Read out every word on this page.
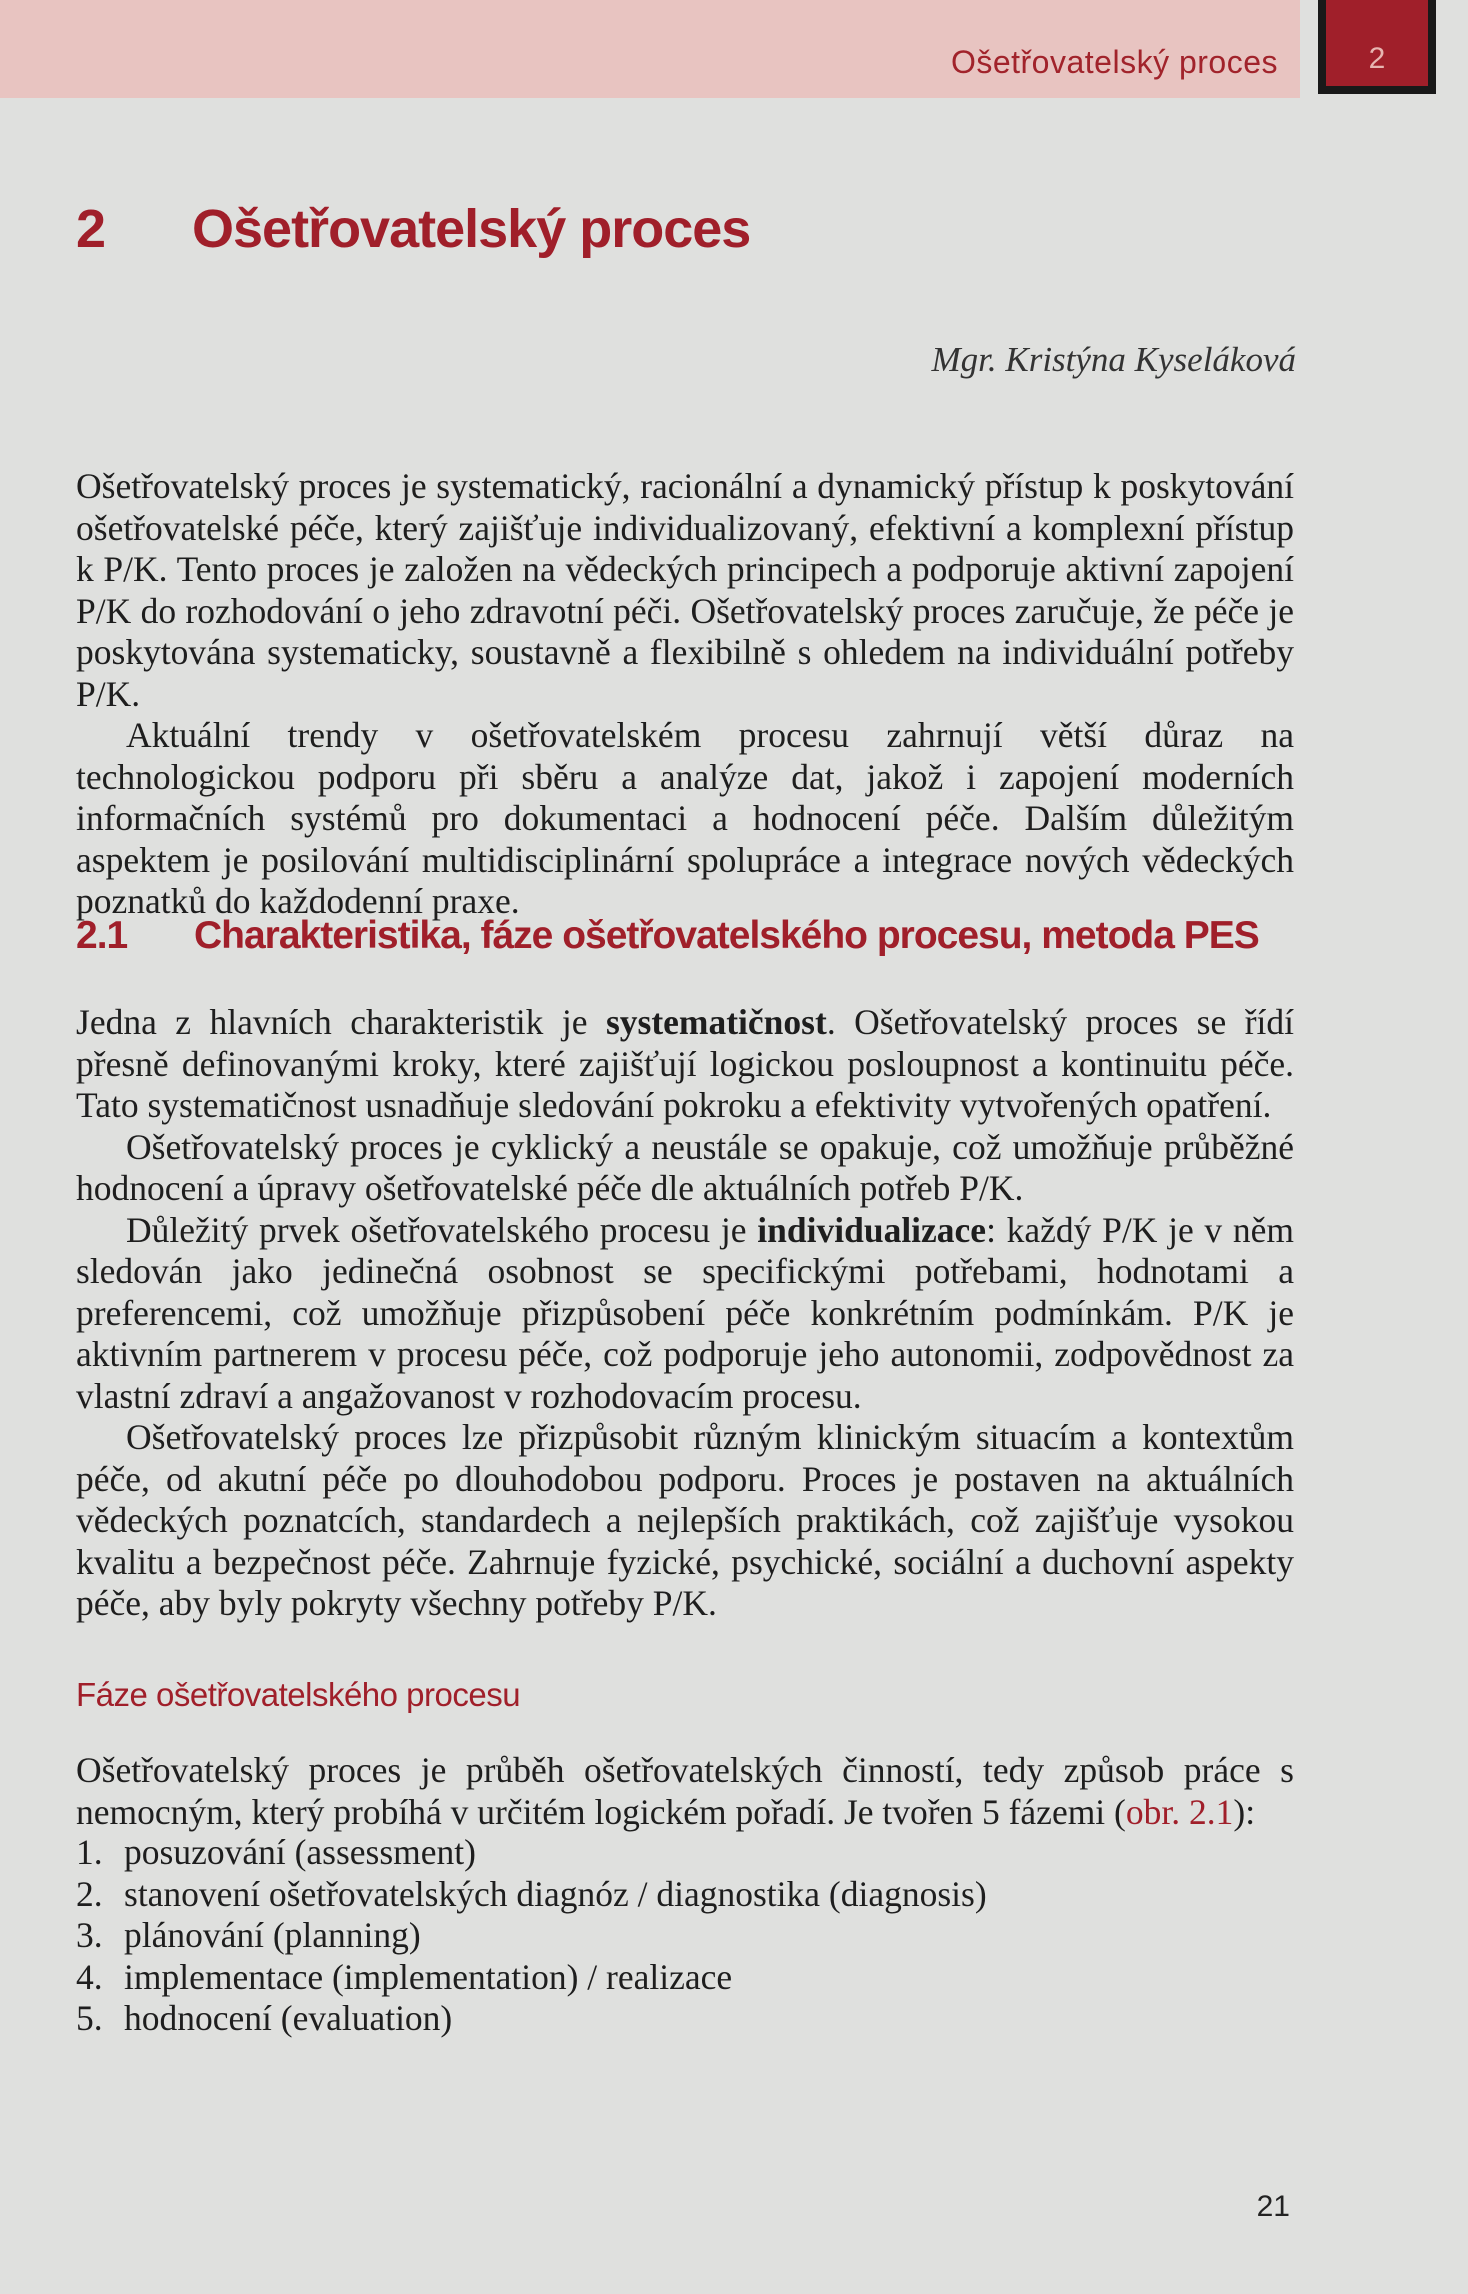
Ošetřovatelský proces	2
2	Ošetřovatelský proces
Mgr. Kristýna Kyseláková

Ošetřovatelský proces je systematický, racionální a dynamický přístup k poskytování ošetřovatelské péče, který zajišťuje individualizovaný, efektivní a komplexní přístup k P/K. Tento proces je založen na vědeckých principech a podporuje aktivní zapojení P/K do rozhodování o jeho zdravotní péči. Ošetřovatelský proces zaručuje, že péče je poskytována systematicky, soustavně a flexibilně s ohledem na individuální potřeby P/K.

Aktuální trendy v ošetřovatelském procesu zahrnují větší důraz na technologickou podporu při sběru a analýze dat, jakož i zapojení moderních informačních systémů pro dokumentaci a hodnocení péče. Dalším důležitým aspektem je posilování multidisciplinární spolupráce a integrace nových vědeckých poznatků do každodenní praxe.

2.1	Charakteristika, fáze ošetřovatelského procesu, metoda PES

Jedna z hlavních charakteristik je systematičnost. Ošetřovatelský proces se řídí přesně definovanými kroky, které zajišťují logickou posloupnost a kontinuitu péče. Tato systematičnost usnadňuje sledování pokroku a efektivity vytvořených opatření.

Ošetřovatelský proces je cyklický a neustále se opakuje, což umožňuje průběžné hodnocení a úpravy ošetřovatelské péče dle aktuálních potřeb P/K.

Důležitý prvek ošetřovatelského procesu je individualizace: každý P/K je v něm sledován jako jedinečná osobnost se specifickými potřebami, hodnotami a preferencemi, což umožňuje přizpůsobení péče konkrétním podmínkám. P/K je aktivním partnerem v procesu péče, což podporuje jeho autonomii, zodpovědnost za vlastní zdraví a angažovanost v rozhodovacím procesu.

Ošetřovatelský proces lze přizpůsobit různým klinickým situacím a kontextům péče, od akutní péče po dlouhodobou podporu. Proces je postaven na aktuálních vědeckých poznatcích, standardech a nejlepších praktikách, což zajišťuje vysokou kvalitu a bezpečnost péče. Zahrnuje fyzické, psychické, sociální a duchovní aspekty péče, aby byly pokryty všechny potřeby P/K.

Fáze ošetřovatelského procesu

Ošetřovatelský proces je průběh ošetřovatelských činností, tedy způsob práce s nemocným, který probíhá v určitém logickém pořadí. Je tvořen 5 fázemi (obr. 2.1):

1. posuzování (assessment)
2. stanovení ošetřovatelských diagnóz / diagnostika (diagnosis)
3. plánování (planning)
4. implementace (implementation) / realizace
5. hodnocení (evaluation)
21
